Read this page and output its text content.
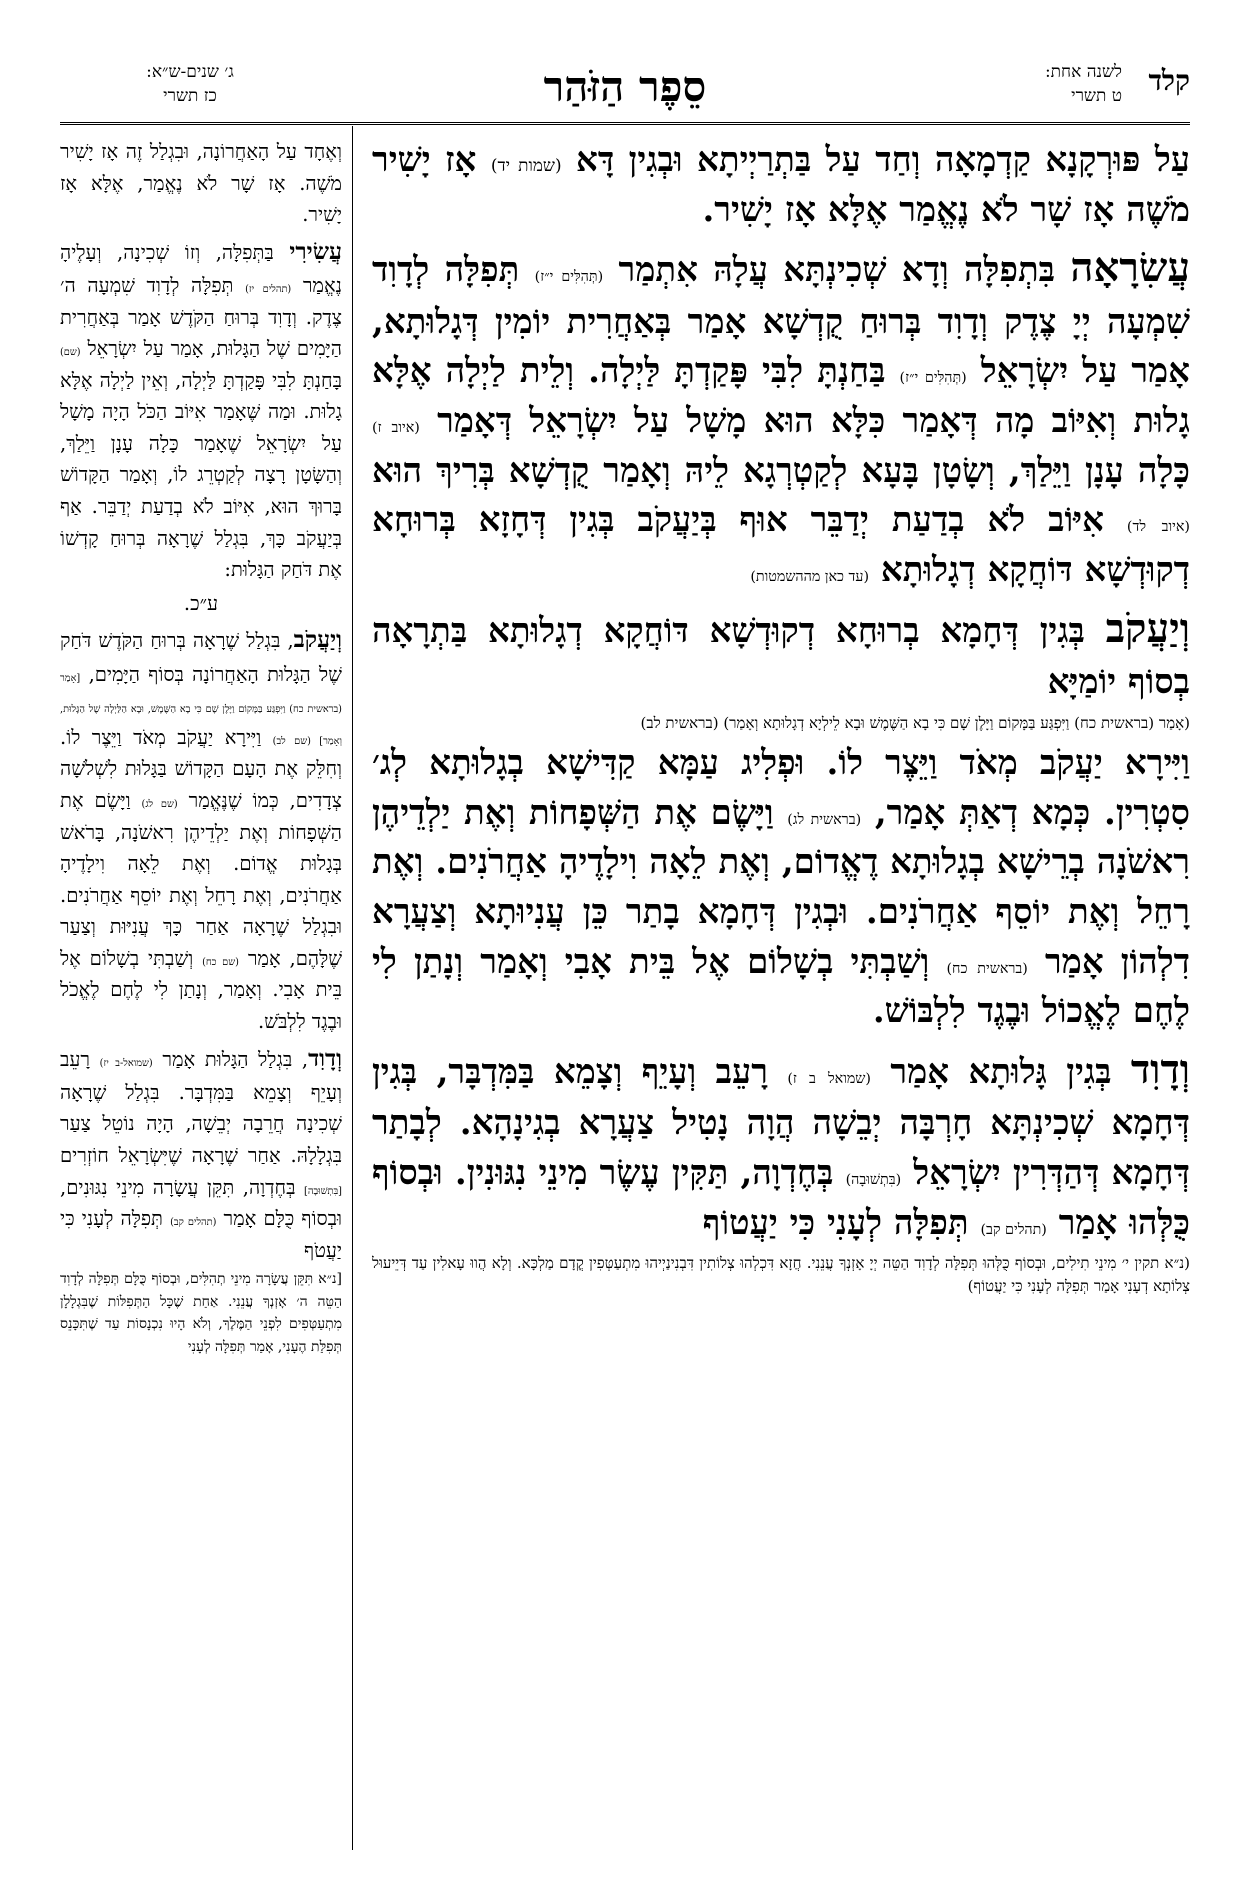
קלד
לשנה אחת:
ט תשרי
סֵפֶר הַזֹּהַר
ג׳ שנים-ש״א:
כז תשרי

עַל פּוּרְקָנָא קַדְמָאָה וְחַד עַל בַּתְרַיְיתָא וּבְגִין דָּא (שמות יד) אָז יָשִׁיר מֹשֶׁה אָז שָׁר לֹא נֶאֱמַר אֶלָּא אָז יָשִׁיר.

עֲשִׂרָאָה בִּתְפִלָּה וְדָא שְׁכִינְתָּא עֲלָהּ אִתְמַר (תְּהִלִּים י״ז) תְּפִלָּה לְדָוִד שִׁמְעָה יְיָ צֶדֶק וְדָוִד בְּרוּחַ קֻדְשָׁא אָמַר בְּאַחֲרִית יוֹמִין דְּגָלוּתָא, אָמַר עַל יִשְׂרָאֵל (תְּהִלִּים י״ז) בַּחַנְתָּ לִבִּי פָּקַדְתָּ לַּיְלָה. וְלֵית לַיְלָה אֶלָּא גָלוּת וְאִיּוֹב מָה דְּאָמַר כִּלָּא הוּא מָשָׁל עַל יִשְׂרָאֵל דְּאָמַר (איוב ז) כָּלָה עָנָן וַיֵּלַךְ, וְשָׂטָן בָּעָא לְקַטְרְגָא לֵיהּ וְאָמַר קֻדְשָׁא בְּרִיךְ הוּא (איוב לד) אִיּוֹב לֹא בְדַעַת יְדַבֵּר אוּף בְּיַעֲקֹב בְּגִין דְּחָזָא בְּרוּחָא דְקוּדְשָׁא דּוֹחֲקָא דְגָלוּתָא (עד כאן מההשמטות)

וְיַעֲקֹב בְּגִין דְּחָמָא בְרוּחָא דְקוּדְשָׁא דּוֹחֲקָא דְגָלוּתָא בַּתְרָאָה בְסוֹף יוֹמַיָּא

(אָמַר (בראשית כח) וַיִּפְגַּע בַּמָּקוֹם וַיָּלֶן שָׁם כִּי בָא הַשֶּׁמֶשׁ וּבָא לֵילְיָא דְגָלוּתָא וְאָמַר) (בראשית לב)

וַיִּירָא יַעֲקֹב מְאֹד וַיֵּצֶר לוֹ. וּפְלִיג עַמָּא קַדִּישָׁא בְגָלוּתָא לְג׳ סִטְרִין. כְּמָא דְאַתְּ אָמַר, (בראשית לג) וַיָּשֶׂם אֶת הַשְּׁפָחוֹת וְאֶת יַלְדֵיהֶן רִאשֹׁנָה בְרֵישָׁא בְגָלוּתָא דֶאֱדוֹם, וְאֶת לֵאָה וִילָדֶיהָ אַחֲרֹנִים. וְאֶת רָחֵל וְאֶת יוֹסֵף אַחֲרֹנִים. וּבְגִין דְּחָמָא בָתַר כֵּן עֲנִיוּתָא וְצַעֲרָא דִלְהוֹן אָמַר (בראשית כח) וְשַׁבְתִּי בְשָׁלוֹם אֶל בֵּית אָבִי וְאָמַר וְנָתַן לִי לֶחֶם לֶאֱכוֹל וּבֶגֶד לִלְבּוֹשׁ.

וְדָוִד בְּגִין גָּלוּתָא אָמַר (שמואל ב ז) רָעֵב וְעָיֵף וְצָמֵא בַּמִּדְבָּר, בְּגִין דְּחָמָא שְׁכִינְתָּא חָרְבָּה יְבֵשָׁה הֲוָה נָטִיל צַעֲרָא בְגִינָהָא. לְבָתַר דְּחָמָא דְּהַדְּרִין יִשְׂרָאֵל (בִּתְשׁוּבָה) בְּחֶדְוָה, תַּקִּין עֶשֶׂר מִינֵי נִגּוּנִין. וּבְסוֹף כֻּלְּהוּ אָמַר (תהלים קב) תְּפִלָּה לְעָנִי כִּי יַעֲטוֹף

(נ״א תקין י׳ מִינֵי תִילִים, וּבְסוֹף כֻּלְּהוּ תְּפִלָּה לְדָוִד הַטֵּה יְיָ אָזְנְךָ עֲנֵנִי. חֲזָא דִּכְלְהוּ צְלוֹתִין דִּבְנִינַיְיהוּ מִתְעַטְּפִין קֳדָם מַלְכָּא. וְלָא הֲווּ עָאלִין עַד דְּיֵיעוּל צְלוֹתָא דְעָנִי אָמַר תְּפִלָּה לְעָנִי כִּי יַעֲטוֹף)

וְאֶחָד עַל הָאַחֲרוֹנָה, וּבִגְלַל זֶה אָז יָשִׁיר מֹשֶׁה. אָז שָׁר לֹא נֶאֱמַר, אֶלָּא אָז יָשִׁיר.

עֲשִׂירִי בַּתְּפִלָּה, וְזוֹ שְׁכִינָה, וְעָלֶיהָ נֶאֱמַר (תהלים יז) תְּפִלָּה לְדָוִד שִׁמְעָה ה׳ צֶדֶק. וְדָוִד בְּרוּחַ הַקֹּדֶשׁ אָמַר בְּאַחֲרִית הַיָּמִים שֶׁל הַגָּלוּת, אָמַר עַל יִשְׂרָאֵל (שם) בָּחַנְתָּ לִבִּי פָּקַדְתָּ לַּיְלָה, וְאֵין לַיְלָה אֶלָּא גָלוּת. וּמַה שֶּׁאָמַר אִיּוֹב הַכֹּל הָיָה מָשָׁל עַל יִשְׂרָאֵל שֶׁאָמַר כָּלָה עָנָן וַיֵּלַךְ, וְהַשָּׂטָן רָצָה לְקַטְרֵג לוֹ, וְאָמַר הַקָּדוֹשׁ בָּרוּךְ הוּא, אִיּוֹב לֹא בְדַעַת יְדַבֵּר. אַף בְּיַעֲקֹב כָּךְ, בִּגְלַל שֶׁרָאָה בְּרוּחַ קָדְשׁוֹ אֶת דֹּחַק הַגָּלוּת:

ע״כ.

וְיַעֲקֹב, בִּגְלַל שֶׁרָאָה בְּרוּחַ הַקֹּדֶשׁ דֹּחַק שֶׁל הַגָּלוּת הָאַחֲרוֹנָה בְּסוֹף הַיָּמִים, [אָמַר (בראשית כח) וַיִּפְגַּע בַּמָּקוֹם וַיָּלֶן שָׁם כִּי בָא הַשֶּׁמֶשׁ, וּבָא הַלַּיְלָה שֶׁל הַגָּלוּת, וְאָמַר] (שם לב) וַיִּירָא יַעֲקֹב מְאֹד וַיֵּצֶר לוֹ. וְחִלֵּק אֶת הָעָם הַקָּדוֹשׁ בַּגָּלוּת לִשְׁלֹשָׁה צְדָדִים, כְּמוֹ שֶׁנֶּאֱמַר (שם לג) וַיָּשֶׂם אֶת הַשְּׁפָחוֹת וְאֶת יַלְדֵיהֶן רִאשֹׁנָה, בָּרֹאשׁ בְּגָלוּת אֱדוֹם. וְאֶת לֵאָה וִילָדֶיהָ אַחֲרֹנִים, וְאֶת רָחֵל וְאֶת יוֹסֵף אַחֲרֹנִים. וּבִגְלַל שֶׁרָאָה אַחַר כָּךְ עֲנִיּוּת וְצַעַר שֶׁלָּהֶם, אָמַר (שם כח) וְשַׁבְתִּי בְשָׁלוֹם אֶל בֵּית אָבִי. וְאָמַר, וְנָתַן לִי לֶחֶם לֶאֱכֹל וּבֶגֶד לִלְבֹּשׁ.

וְדָוִד, בִּגְלַל הַגָּלוּת אָמַר (שמואל-ב יז) רָעֵב וְעָיֵף וְצָמֵא בַּמִּדְבָּר. בִּגְלַל שֶׁרָאָה שְׁכִינָה חֲרֵבָה יְבֵשָׁה, הָיָה נוֹטֵל צַעַר בִּגְלָלָהּ. אַחַר שֶׁרָאָה שֶׁיִּשְׂרָאֵל חוֹזְרִים [בִּתְשׁוּבָה] בְּחֶדְוָה, תִּקֵּן עֲשָׂרָה מִינֵי נִגּוּנִים, וּבְסוֹף כֻּלָּם אָמַר (תהלים קב) תְּפִלָּה לְעָנִי כִּי יַעֲטֹף

[נ״א תִּקֵּן עֲשָׂרָה מִינֵי תְהִלִּים, וּבְסוֹף כֻּלָּם תְּפִלָּה לְדָוִד הַטֵּה ה׳ אָזְנְךָ עֲנֵנִי. אַחַת שֶׁכָּל הַתְּפִלּוֹת שֶׁבִּגְלָלָן מִתְעַטְּפִים לִפְנֵי הַמֶּלֶךְ, וְלֹא הָיוּ נִכְנָסוֹת עַד שֶׁתִּכָּנֵס תְּפִלַּת הֶעָנִי, אָמַר תְּפִלָּה לְעָנִי
